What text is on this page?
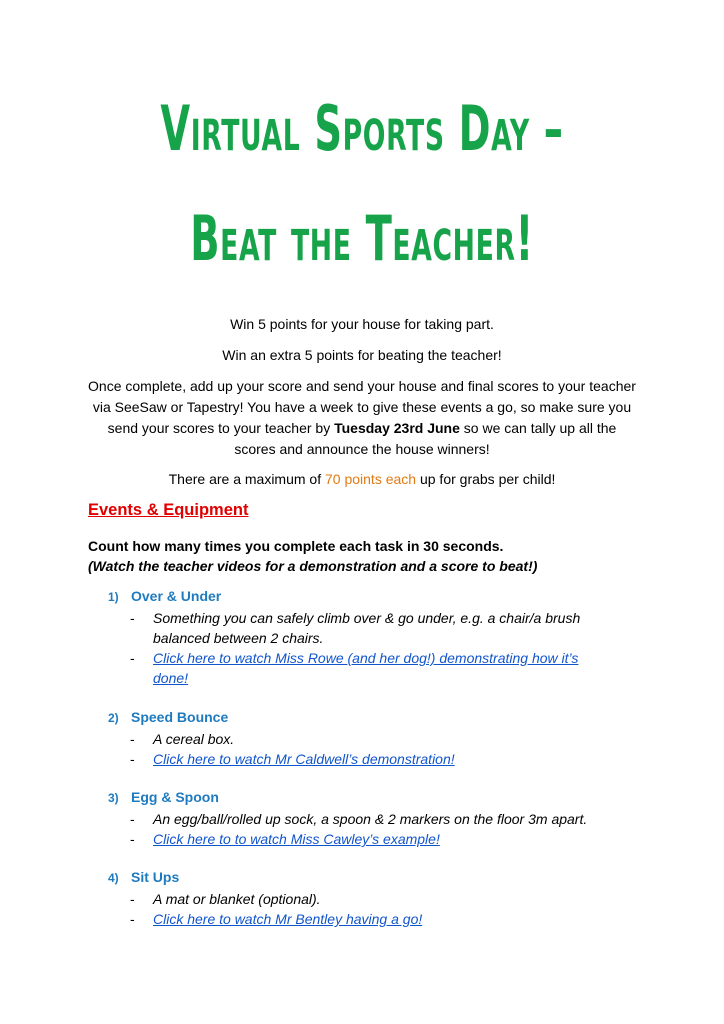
Virtual Sports Day –
Beat the Teacher!

Win 5 points for your house for taking part.

Win an extra 5 points for beating the teacher!

Once complete, add up your score and send your house and final scores to your teacher via SeeSaw or Tapestry! You have a week to give these events a go, so make sure you send your scores to your teacher by Tuesday 23rd June so we can tally up all the scores and announce the house winners!

There are a maximum of 70 points each up for grabs per child!

Events & Equipment
Count how many times you complete each task in 30 seconds.
(Watch the teacher videos for a demonstration and a score to beat!)
1) Over & Under
- Something you can safely climb over & go under, e.g. a chair/a brush balanced between 2 chairs.
- Click here to watch Miss Rowe (and her dog!) demonstrating how it’s done!
2) Speed Bounce
- A cereal box.
- Click here to watch Mr Caldwell’s demonstration!
3) Egg & Spoon
- An egg/ball/rolled up sock, a spoon & 2 markers on the floor 3m apart.
- Click here to to watch Miss Cawley’s example!
4) Sit Ups
- A mat or blanket (optional).
- Click here to watch Mr Bentley having a go!
